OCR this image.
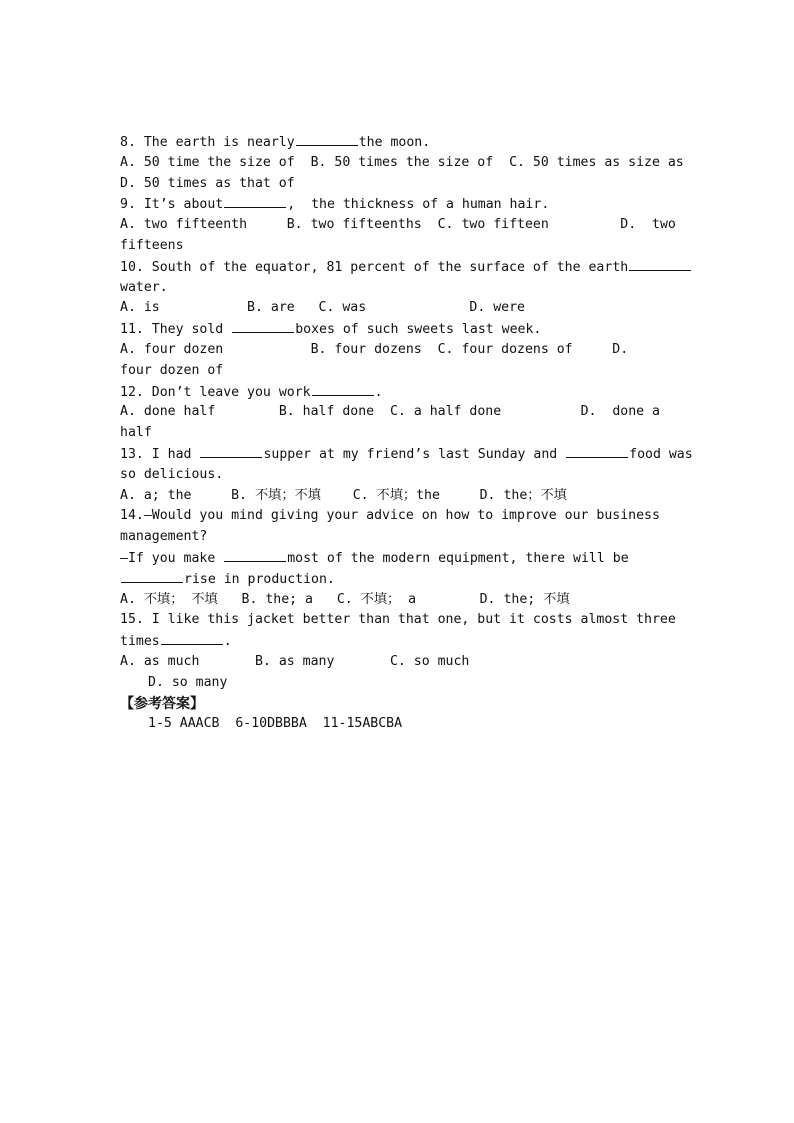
8. The earth is nearly	the moon.
A. 50 time the size of  B. 50 times the size of  C. 50 times as size as
D. 50 times as that of
9. It’s about	,  the thickness of a human hair.
A. two fifteenth     B. two fifteenths  C. two fifteen	D. two
fifteens
10. South of the equator, 81 percent of the surface of the earth
water.
A. is           B. are   C. was             D. were
11. They sold	boxes of such sweets last week.
A. four dozen           B. four dozens  C. four dozens of	D.
four dozen of
12. Don’t leave you work	.
A. done half        B. half done  C. a half done	D. done a
half
13. I had	supper at my friend’s last Sunday and	food was
so delicious.
A. a; the     B. 不填；不填    C. 不填；the     D. the；不填
14.—Would you mind giving your advice on how to improve our business
management?
—If you make	most of the modern equipment, there will be
rise in production.
A. 不填； 不填   B. the; a   C. 不填； a        D. the; 不填
15. I like this jacket better than that one, but it costs almost three
times	.
A. as much       B. as many       C. so much
D. so many
【参考答案】
1-5 AAACB  6-10DBBBA  11-15ABCBA
